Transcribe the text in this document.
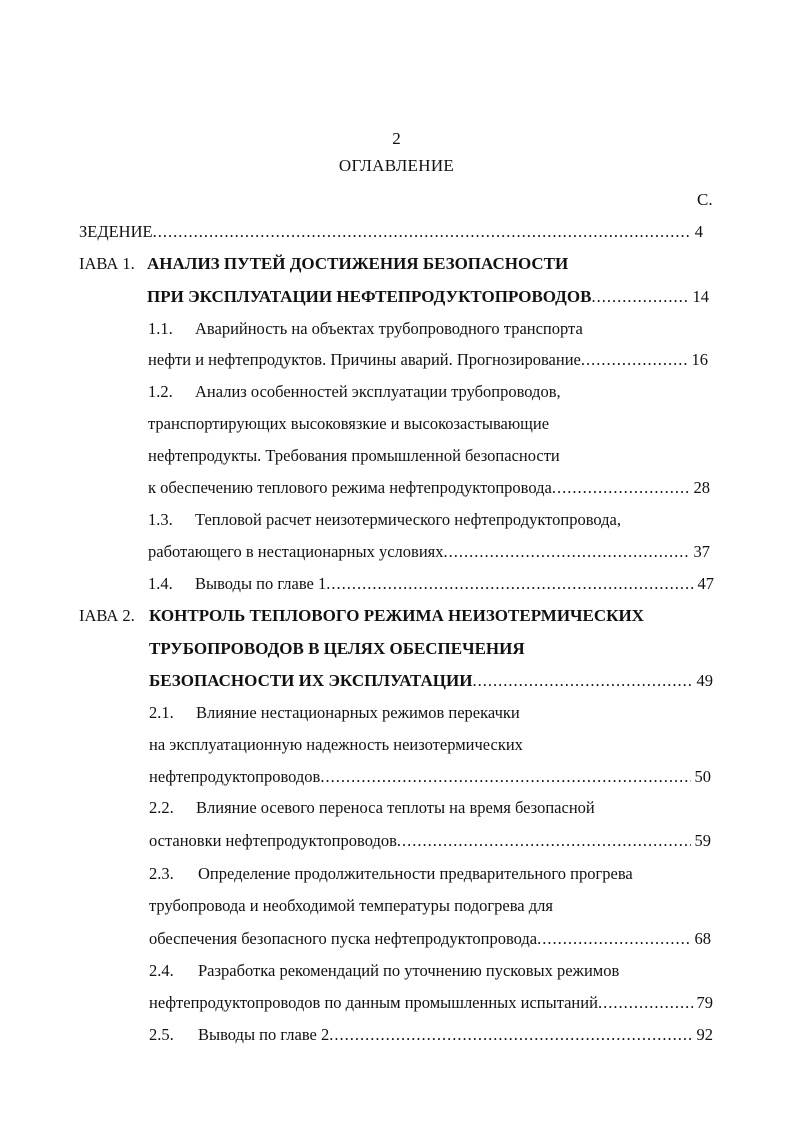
2
ОГЛАВЛЕНИЕ
С.
ЗЕДЕНИЕ .....	4
ІАВА 1. АНАЛИЗ ПУТЕЙ ДОСТИЖЕНИЯ БЕЗОПАСНОСТИ
ПРИ ЭКСПЛУАТАЦИИ НЕФТЕПРОДУКТОПРОВОДОВ .....	14
1.1.	Аварийность на объектах трубопроводного транспорта
нефти и нефтепродуктов. Причины аварий. Прогнозирование .....	16
1.2.	Анализ особенностей эксплуатации трубопроводов,
транспортирующих высоковязкие и высокозастывающие
нефтепродукты. Требования промышленной безопасности
к обеспечению теплового режима нефтепродуктопровода .....	28
1.3.	Тепловой расчет неизотермического нефтепродуктопровода,
работающего в нестационарных условиях .....	37
1.4.	Выводы по главе 1 .....	47
ІАВА 2. КОНТРОЛЬ ТЕПЛОВОГО РЕЖИМА НЕИЗОТЕРМИЧЕСКИХ
ТРУБОПРОВОДОВ В ЦЕЛЯХ ОБЕСПЕЧЕНИЯ
БЕЗОПАСНОСТИ ИХ ЭКСПЛУАТАЦИИ .....	49
2.1.	Влияние нестационарных режимов перекачки
на эксплуатационную надежность неизотермических
нефтепродуктопроводов .....	50
2.2.	Влияние осевого переноса теплоты на время безопасной
остановки нефтепродуктопроводов .....	59
2.3.	Определение продолжительности предварительного прогрева
трубопровода и необходимой температуры подогрева для
обеспечения безопасного пуска нефтепродуктопровода .....	68
2.4.	Разработка рекомендаций по уточнению пусковых режимов
нефтепродуктопроводов по данным промышленных испытаний .....	79
2.5.	Выводы по главе 2 .....	92
